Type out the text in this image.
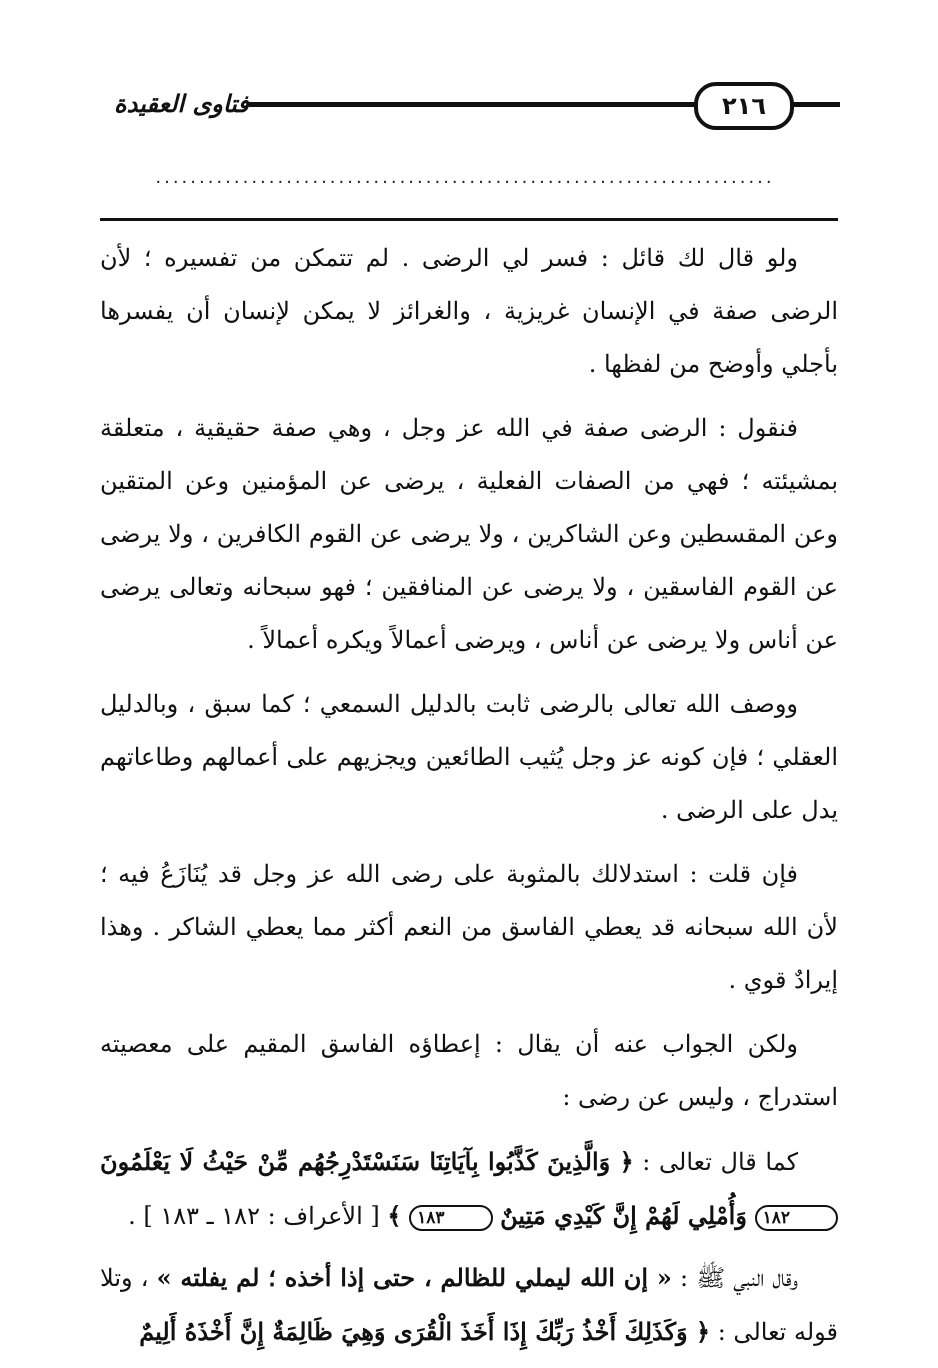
فتاوى العقيدة	٢١٦
.......................................................................

ولو قال لك قائل : فسر لي الرضى . لم تتمكن من تفسيره ؛ لأن الرضى صفة في الإنسان غريزية ، والغرائز لا يمكن لإنسان أن يفسرها بأجلي وأوضح من لفظها .

فنقول : الرضى صفة في الله عز وجل ، وهي صفة حقيقية ، متعلقة بمشيئته ؛ فهي من الصفات الفعلية ، يرضى عن المؤمنين وعن المتقين وعن المقسطين وعن الشاكرين ، ولا يرضى عن القوم الكافرين ، ولا يرضى عن القوم الفاسقين ، ولا يرضى عن المنافقين ؛ فهو سبحانه وتعالى يرضى عن أناس ولا يرضى عن أناس ، ويرضى أعمالاً ويكره أعمالاً .

ووصف الله تعالى بالرضى ثابت بالدليل السمعي ؛ كما سبق ، وبالدليل العقلي ؛ فإن كونه عز وجل يُثيب الطائعين ويجزيهم على أعمالهم وطاعاتهم يدل على الرضى .

فإن قلت : استدلالك بالمثوبة على رضى الله عز وجل قد يُنَازَعُ فيه ؛ لأن الله سبحانه قد يعطي الفاسق من النعم أكثر مما يعطي الشاكر . وهذا إيرادٌ قوي .

ولكن الجواب عنه أن يقال : إعطاؤه الفاسق المقيم على معصيته استدراج ، وليس عن رضى :

كما قال تعالى : ﴿ وَالَّذِينَ كَذَّبُوا بِآيَاتِنَا سَنَسْتَدْرِجُهُم مِّنْ حَيْثُ لَا يَعْلَمُونَ ١٨٢ وَأُمْلِي لَهُمْ إِنَّ كَيْدِي مَتِينٌ ١٨٣ ﴾ [ الأعراف : ١٨٢ ـ ١٨٣ ] .

وقال النبي ﷺ : « إن الله ليملي للظالم ، حتى إذا أخذه ؛ لم يفلته » ، وتلا قوله تعالى : ﴿ وَكَذَلِكَ أَخْذُ رَبِّكَ إِذَا أَخَذَ الْقُرَى وَهِيَ ظَالِمَةٌ إِنَّ أَخْذَهُ أَلِيمٌ
